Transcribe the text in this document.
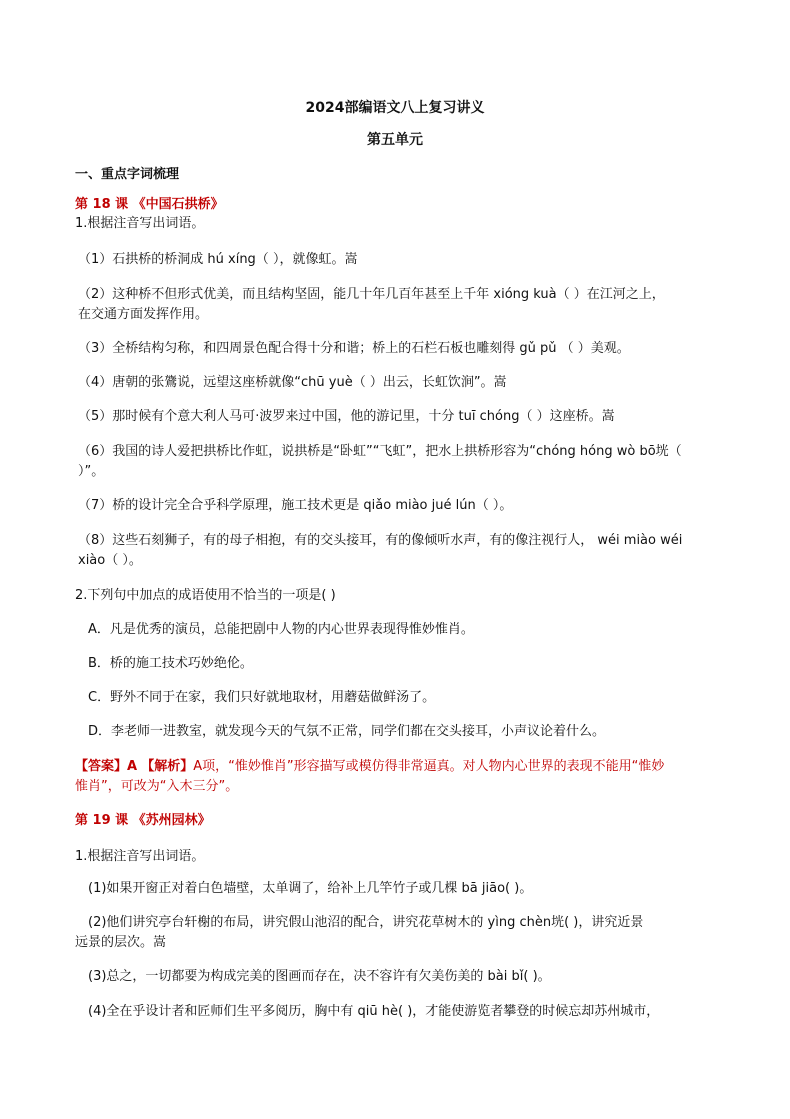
2024部编语文八上复习讲义
第五单元
一、重点字词梳理
第 18 课 《中国石拱桥》
1.根据注音写出词语。
（1）石拱桥的桥洞成 hú xíng（ ），就像虹。嵩
（2）这种桥不但形式优美，而且结构坚固，能几十年几百年甚至上千年 xióng kuà（ ）在江河之上，
在交通方面发挥作用。
（3）全桥结构匀称，和四周景色配合得十分和谐；桥上的石栏石板也雕刻得 gǔ pǔ （ ）美观。
（4）唐朝的张鷟说，远望这座桥就像“chū yuè（ ）出云，长虹饮涧”。嵩
（5）那时候有个意大利人马可·波罗来过中国，他的游记里，十分 tuī chóng（ ）这座桥。嵩
（6）我国的诗人爱把拱桥比作虹，说拱桥是“卧虹”“飞虹”，把水上拱桥形容为“chóng hóng wò bō垙（
）”。
（7）桥的设计完全合乎科学原理，施工技术更是 qiǎo miào jué lún（ ）。
（8）这些石刻狮子，有的母子相抱，有的交头接耳，有的像倾听水声，有的像注视行人， wéi miào wéi
xiào（ ）。
2.下列句中加点的成语使用不恰当的一项是( )
A．凡是优秀的演员，总能把剧中人物的内心世界表现得惟妙惟肖。
B．桥的施工技术巧妙绝伦。
C．野外不同于在家，我们只好就地取材，用蘑菇做鲜汤了。
D．李老师一进教室，就发现今天的气氛不正常，同学们都在交头接耳，小声议论着什么。
【答案】A 【解析】A项，“惟妙惟肖”形容描写或模仿得非常逼真。对人物内心世界的表现不能用“惟妙
惟肖”，可改为“入木三分”。
第 19 课 《苏州园林》
1.根据注音写出词语。
(1)如果开窗正对着白色墙壁，太单调了，给补上几竿竹子或几棵 bā jiāo( )。
(2)他们讲究亭台轩榭的布局，讲究假山池沼的配合，讲究花草树木的 yìng chèn垙( )，讲究近景
远景的层次。嵩
(3)总之，一切都要为构成完美的图画而存在，决不容许有欠美伤美的 bài bǐ( )。
(4)全在乎设计者和匠师们生平多阅历，胸中有 qiū hè( )，才能使游览者攀登的时候忘却苏州城市，
